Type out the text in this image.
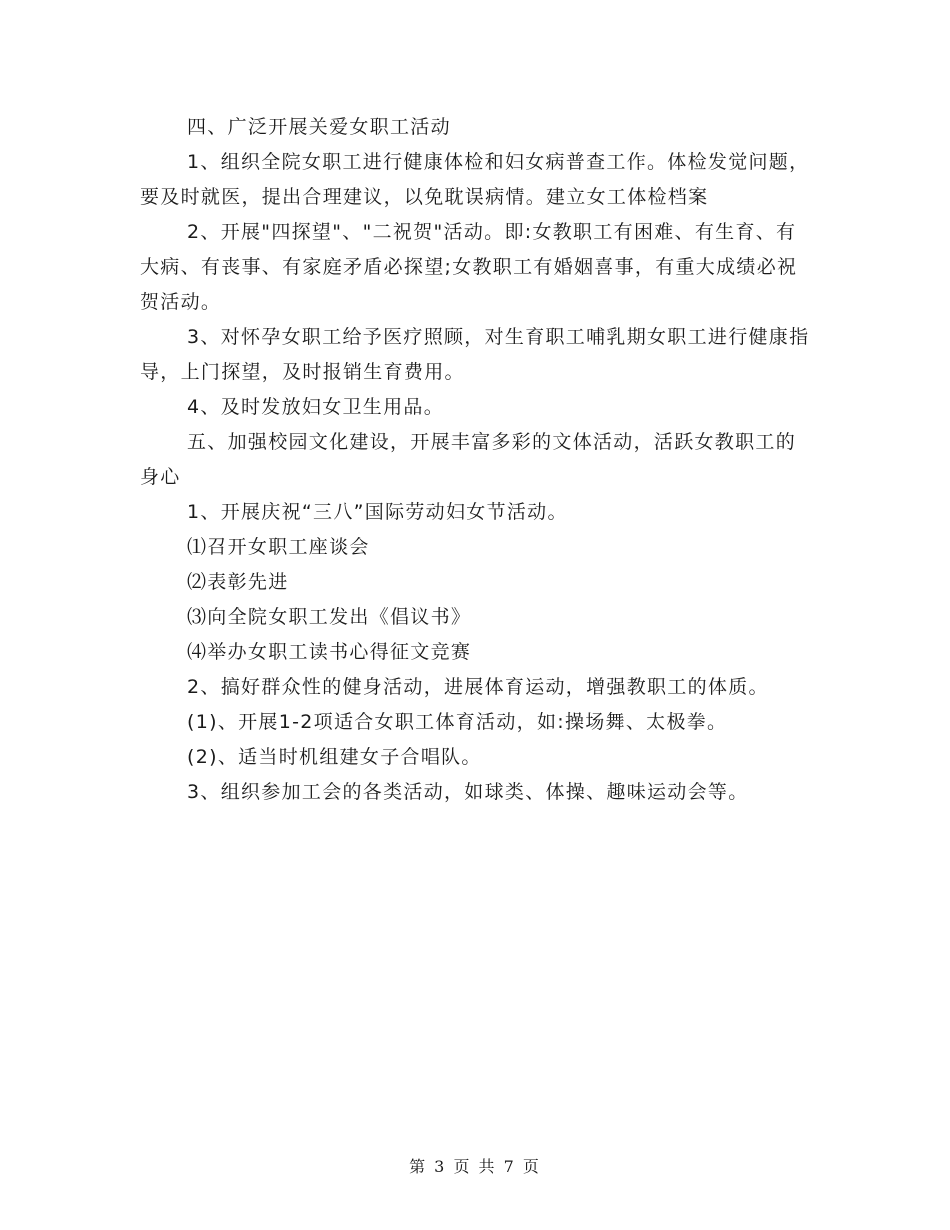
四、广泛开展关爱女职工活动

1、组织全院女职工进行健康体检和妇女病普查工作。体检发觉问题，要及时就医，提出合理建议，以免耽误病情。建立女工体检档案

2、开展"四探望"、"二祝贺"活动。即:女教职工有困难、有生育、有大病、有丧事、有家庭矛盾必探望;女教职工有婚姻喜事，有重大成绩必祝贺活动。

3、对怀孕女职工给予医疗照顾，对生育职工哺乳期女职工进行健康指导，上门探望，及时报销生育费用。

4、及时发放妇女卫生用品。

五、加强校园文化建设，开展丰富多彩的文体活动，活跃女教职工的身心

1、开展庆祝“三八”国际劳动妇女节活动。

⑴召开女职工座谈会

⑵表彰先进

⑶向全院女职工发出《倡议书》

⑷举办女职工读书心得征文竞赛

2、搞好群众性的健身活动，进展体育运动，增强教职工的体质。

(1)、开展1-2项适合女职工体育活动，如:操场舞、太极拳。

(2)、适当时机组建女子合唱队。

3、组织参加工会的各类活动，如球类、体操、趣味运动会等。

第 3 页 共 7 页
